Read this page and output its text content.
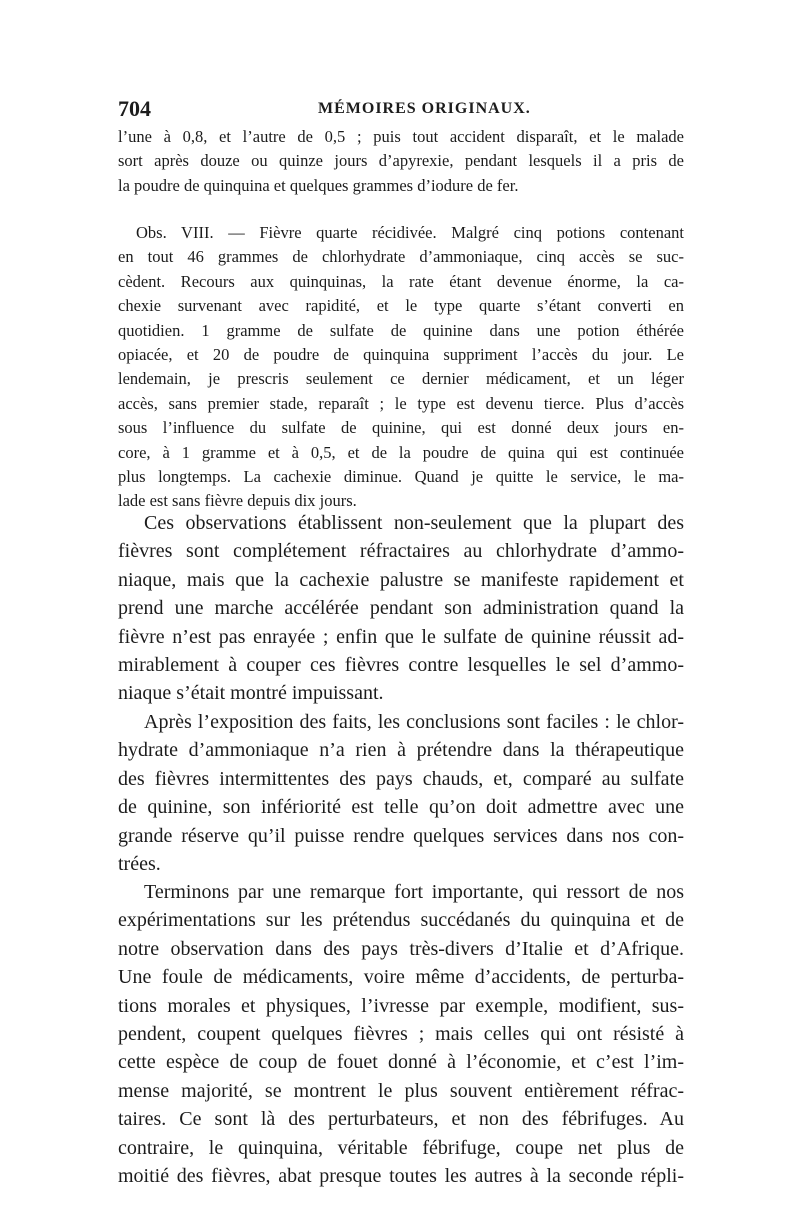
704	MÉMOIRES ORIGINAUX.
l’une à 0,8, et l’autre de 0,5 ; puis tout accident disparaît, et le malade
sort après douze ou quinze jours d’apyrexie, pendant lesquels il a pris de
la poudre de quinquina et quelques grammes d’iodure de fer.
Obs. VIII. — Fièvre quarte récidivée. Malgré cinq potions contenant
en tout 46 grammes de chlorhydrate d’ammoniaque, cinq accès se suc-
cèdent. Recours aux quinquinas, la rate étant devenue énorme, la ca-
chexie survenant avec rapidité, et le type quarte s’étant converti en
quotidien. 1 gramme de sulfate de quinine dans une potion éthérée
opiacée, et 20 de poudre de quinquina suppriment l’accès du jour. Le
lendemain, je prescris seulement ce dernier médicament, et un léger
accès, sans premier stade, reparaît ; le type est devenu tierce. Plus d’accès
sous l’influence du sulfate de quinine, qui est donné deux jours en-
core, à 1 gramme et à 0,5, et de la poudre de quina qui est continuée
plus longtemps. La cachexie diminue. Quand je quitte le service, le ma-
lade est sans fièvre depuis dix jours.
Ces observations établissent non-seulement que la plupart des
fièvres sont complétement réfractaires au chlorhydrate d’ammo-
niaque, mais que la cachexie palustre se manifeste rapidement et
prend une marche accélérée pendant son administration quand la
fièvre n’est pas enrayée ; enfin que le sulfate de quinine réussit ad-
mirablement à couper ces fièvres contre lesquelles le sel d’ammo-
niaque s’était montré impuissant.
Après l’exposition des faits, les conclusions sont faciles : le chlor-
hydrate d’ammoniaque n’a rien à prétendre dans la thérapeutique
des fièvres intermittentes des pays chauds, et, comparé au sulfate
de quinine, son infériorité est telle qu’on doit admettre avec une
grande réserve qu’il puisse rendre quelques services dans nos con-
trées.
Terminons par une remarque fort importante, qui ressort de nos
expérimentations sur les prétendus succédanés du quinquina et de
notre observation dans des pays très-divers d’Italie et d’Afrique.
Une foule de médicaments, voire même d’accidents, de perturba-
tions morales et physiques, l’ivresse par exemple, modifient, sus-
pendent, coupent quelques fièvres ; mais celles qui ont résisté à
cette espèce de coup de fouet donné à l’économie, et c’est l’im-
mense majorité, se montrent le plus souvent entièrement réfrac-
taires. Ce sont là des perturbateurs, et non des fébrifuges. Au
contraire, le quinquina, véritable fébrifuge, coupe net plus de
moitié des fièvres, abat presque toutes les autres à la seconde répli-
